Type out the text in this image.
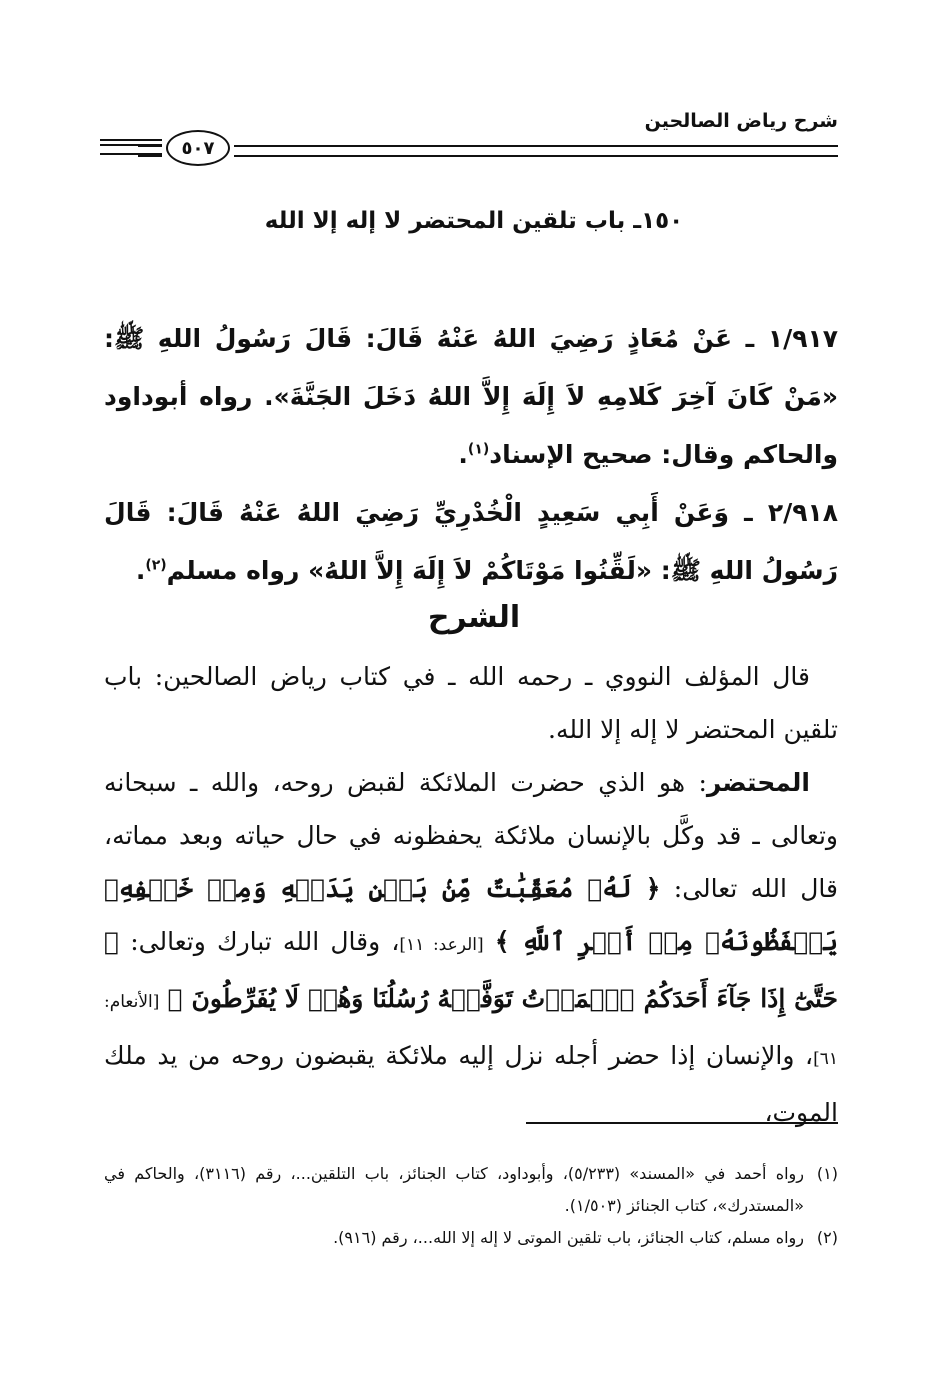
شرح رياض الصالحين
٥٠٧
١٥٠ـ باب تلقين المحتضر لا إله إلا الله
١/٩١٧ ـ عَنْ مُعَاذٍ رَضِيَ اللهُ عَنْهُ قَالَ: قَالَ رَسُولُ اللهِ ﷺ: «مَنْ كَانَ آخِرَ كَلامِهِ لاَ إِلَهَ إِلاَّ اللهُ دَخَلَ الجَنَّةَ». رواه أبوداود والحاكم وقال: صحيح الإسناد$^{(١)}$.
٢/٩١٨ ـ وَعَنْ أَبِي سَعِيدٍ الْخُدْرِيِّ رَضِيَ اللهُ عَنْهُ قَالَ: قَالَ رَسُولُ اللهِ ﷺ: «لَقِّنُوا مَوْتَاكُمْ لاَ إِلَهَ إِلاَّ اللهُ» رواه مسلم$^{(٢)}$.
الشرح

قال المؤلف النووي ـ رحمه الله ـ في كتاب رياض الصالحين: باب تلقين المحتضر لا إله إلا الله.

المحتضر: هو الذي حضرت الملائكة لقبض روحه، والله ـ سبحانه وتعالى ـ قد وكَّل بالإنسان ملائكة يحفظونه في حال حياته وبعد مماته، قال الله تعالى: ﴿ لَهُۥ مُعَقِّبَٰتٌ مِّنۢ بَيۡنِ يَدَيۡهِ وَمِنۡ خَلۡفِهِۦ يَحۡفَظُونَهُۥ مِنۡ أَمۡرِ ٱللَّهِ ﴾ [الرعد: ١١]، وقال الله تبارك وتعالى: ﴿ حَتَّىٰٓ إِذَا جَآءَ أَحَدَكُمُ ٱلۡمَوۡتُ تَوَفَّتۡهُ رُسُلُنَا وَهُمۡ لَا يُفَرِّطُونَ ﴾ [الأنعام: ٦١]، والإنسان إذا حضر أجله نزل إليه ملائكة يقبضون روحه من يد ملك الموت،

(١)
رواه أحمد في «المسند» (٥/٢٣٣)، وأبوداود، كتاب الجنائز، باب التلقين...، رقم (٣١١٦)، والحاكم في «المستدرك»، كتاب الجنائز (١/٥٠٣).

(٢)
رواه مسلم، كتاب الجنائز، باب تلقين الموتى لا إله إلا الله...، رقم (٩١٦).
